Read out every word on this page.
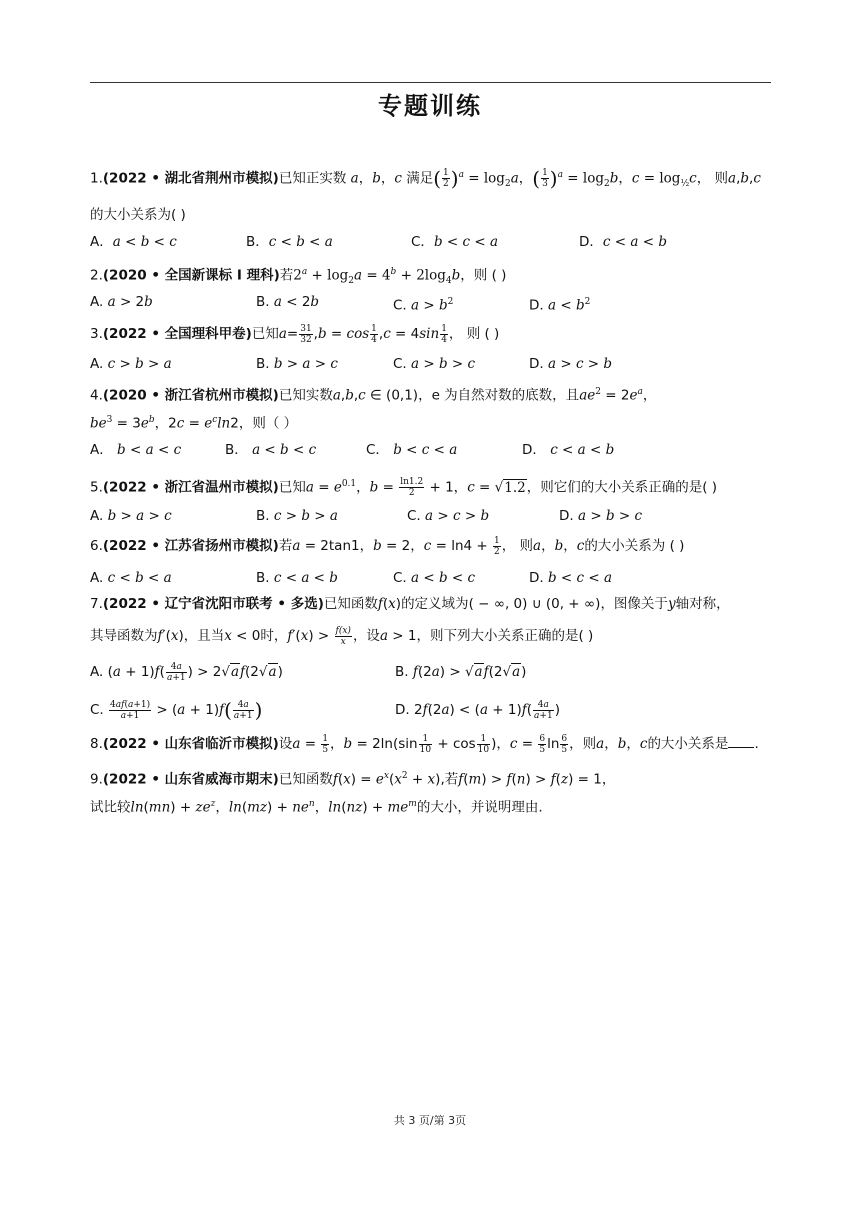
专题训练

1.(2022 • 湖北省荆州市模拟)已知正实数 a，b，c 满足( $\frac{1}{2} )^a = \log_2a$，( $\frac{1}{3} )^a = \log_2b$，$c = \log_{\frac{1}{2}}c$， 则a,b,c

的大小关系为( )

A．a < b < c	B．c < b < a	C．b < c < a	D．c < a < b

2.(2020 • 全国新课标 Ⅰ 理科)若$2^a + \log_2a = 4^b + 2\log_4b$，则 ( )

A. a > 2b	B. a < 2b	C. $a > b^2$	D. $a < b^2$

3.(2022 • 全国理科甲卷)已知$a= \frac{31}{32} ,b = \cos \frac{1}{4} ,c = 4\sin \frac{1}{4}$ ， 则 ( )

A. c > b > a	B. b > a > c	C. a > b > c	D. a > c > b

4.(2020 • 浙江省杭州市模拟)已知实数a,b,c ∈ (0,1)，e 为自然对数的底数，且$ae^2 = 2e^a$，

$be^3 = 3e^b$，$2c = e^c\ln 2$，则（ ）

A． b < a < c	B． a < b < c	C． b < c < a	D． c < a < b

5.(2022 • 浙江省温州市模拟)已知$a = e^{0.1}$，$b = \frac{\ln 1.2}{2} + 1$，c = √1.2，则它们的大小关系正确的是( )

A. b > a > c	B. c > b > a	C. a > c > b	D. a > b > c

6.(2022 • 江苏省扬州市模拟)若a = 2tan1，b = 2，$c = \ln 4 + \frac{1}{2}$ ， 则a，b，c的大小关系为 ( )

A. c < b < a	B. c < a < b	C. a < b < c	D. b < c < a

7.(2022 • 辽宁省沈阳市联考 • 多选)已知函数f(x)的定义域为( − ∞, 0) ∪ (0, + ∞)，图像关于y轴对称，

其导函数为f′(x)，且当x < 0时，$f'(x) > \frac{f(x)}{x}$ ，设a > 1，则下列大小关系正确的是( )

A. $(a + 1)f( \frac{4a}{a+1}$ ) > 2√af(2√a)	B. f(2a) > √af(2√a)
C. $\frac{4af(a+1)}{a+1} > (a + 1)f( \frac{4a}{a+1}$ )	D. $2f(2a) < (a + 1)f( \frac{4a}{a+1}$ )

8.(2022 • 山东省临沂市模拟)设$a = \frac{1}{5}$ ，$b = 2\ln(\sin \frac{1}{10} + \cos \frac{1}{10}$ )，$c = \frac{6}{5}$ $\ln \frac{6}{5}$ ，则a，b，c的大小关系是 .

9.(2022 • 山东省威海市期末)已知函数$f(x) = e^x(x^2 + x)$,若f(m) > f(n) > f(z) = 1，

试比较$\ln(mn) + ze^z$，$\ln(mz) + ne^n$，$\ln(nz) + me^m$的大小，并说明理由.

共 3 页/第 3页
